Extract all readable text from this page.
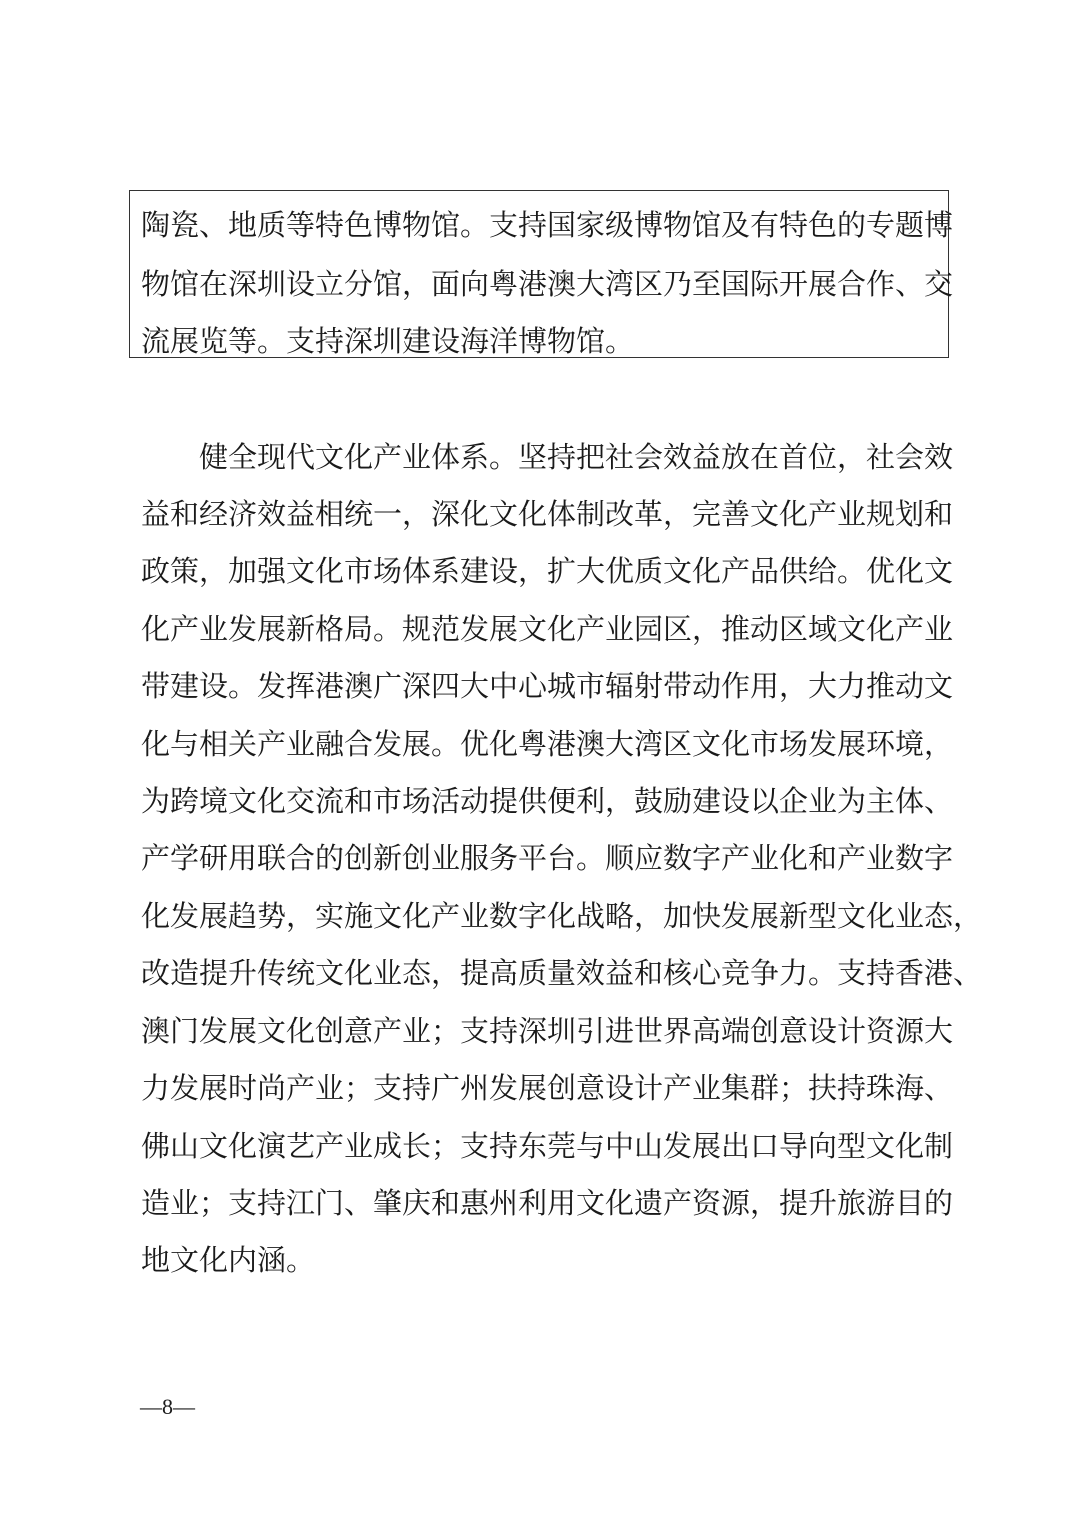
陶瓷、地质等特色博物馆。支持国家级博物馆及有特色的专题博
物馆在深圳设立分馆，面向粤港澳大湾区乃至国际开展合作、交
流展览等。支持深圳建设海洋博物馆。
健全现代文化产业体系。坚持把社会效益放在首位，社会效
益和经济效益相统一，深化文化体制改革，完善文化产业规划和
政策，加强文化市场体系建设，扩大优质文化产品供给。优化文
化产业发展新格局。规范发展文化产业园区，推动区域文化产业
带建设。发挥港澳广深四大中心城市辐射带动作用，大力推动文
化与相关产业融合发展。优化粤港澳大湾区文化市场发展环境，
为跨境文化交流和市场活动提供便利，鼓励建设以企业为主体、
产学研用联合的创新创业服务平台。顺应数字产业化和产业数字
化发展趋势，实施文化产业数字化战略，加快发展新型文化业态，
改造提升传统文化业态，提高质量效益和核心竞争力。支持香港、
澳门发展文化创意产业；支持深圳引进世界高端创意设计资源大
力发展时尚产业；支持广州发展创意设计产业集群；扶持珠海、
佛山文化演艺产业成长；支持东莞与中山发展出口导向型文化制
造业；支持江门、肇庆和惠州利用文化遗产资源，提升旅游目的
地文化内涵。
—8—
